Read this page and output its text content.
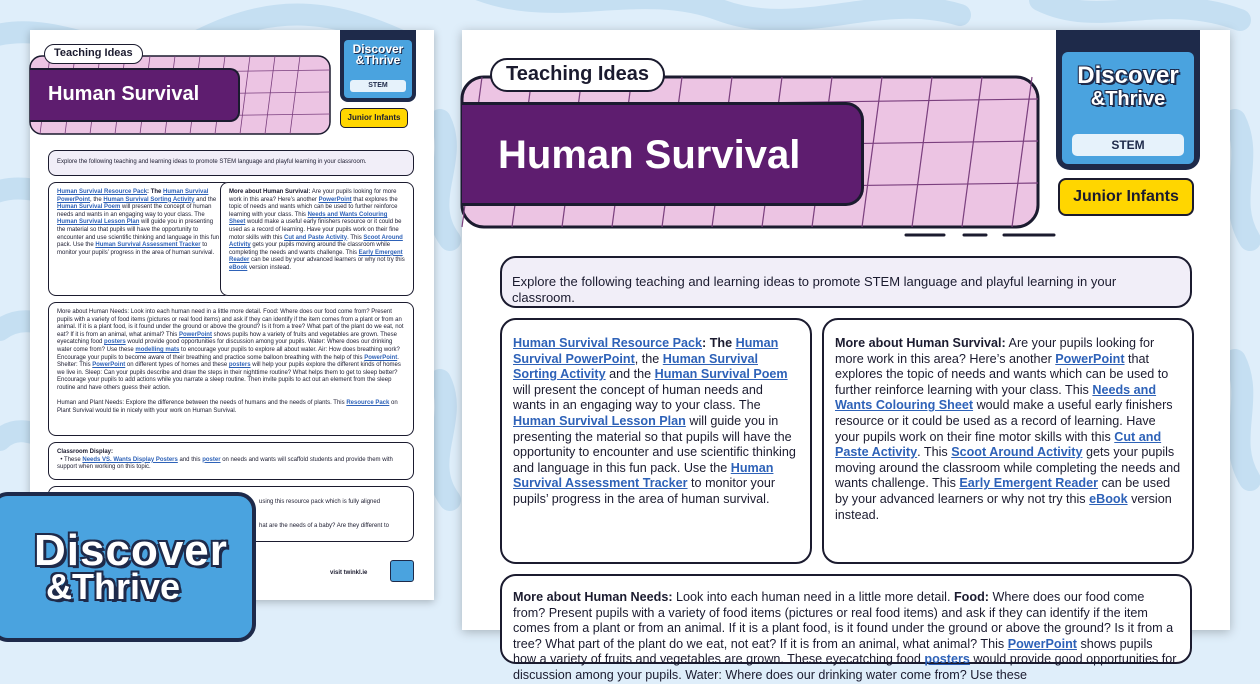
Teaching Ideas
Human Survival
Discover
&Thrive
STEM
Junior Infants
Explore the following teaching and learning ideas to promote STEM language and playful learning in your classroom.
Human Survival Resource Pack: The Human Survival PowerPoint, the Human Survival Sorting Activity and the Human Survival Poem will present the concept of human needs and wants in an engaging way to your class. The Human Survival Lesson Plan will guide you in presenting the material so that pupils will have the opportunity to encounter and use scientific thinking and language in this fun pack. Use the Human Survival Assessment Tracker to monitor your pupils’ progress in the area of human survival.
More about Human Survival: Are your pupils looking for more work in this area? Here’s another PowerPoint that explores the topic of needs and wants which can be used to further reinforce learning with your class. This Needs and Wants Colouring Sheet would make a useful early finishers resource or it could be used as a record of learning. Have your pupils work on their fine motor skills with this Cut and Paste Activity. This Scoot Around Activity gets your pupils moving around the classroom while completing the needs and wants challenge. This Early Emergent Reader can be used by your advanced learners or why not try this eBook version instead.
More about Human Needs: Look into each human need in a little more detail. Food: Where does our food come from? Present pupils with a variety of food items (pictures or real food items) and ask if they can identify if the item comes from a plant or from an animal. If it is a plant food, is it found under the ground or above the ground? Is it from a tree? What part of the plant do we eat, not eat? If it is from an animal, what animal? This PowerPoint shows pupils how a variety of fruits and vegetables are grown. These eyecatching food posters would provide good opportunities for discussion among your pupils. Water: Where does our drinking water come from? Use these modelling mats to encourage your pupils to explore all about water. Air: How does breathing work? Encourage your pupils to become aware of their breathing and practice some balloon breathing with the help of this PowerPoint. Shelter: This PowerPoint on different types of homes and these posters will help your pupils explore the different kinds of homes we live in. Sleep: Can your pupils describe and draw the steps in their nighttime routine? What helps them to get to sleep better? Encourage your pupils to add actions while you narrate a sleep routine. Then invite pupils to act out an element from the sleep routine and have others guess their action.

Human and Plant Needs: Explore the difference between the needs of humans and the needs of plants. This Resource Pack on Plant Survival would tie in nicely with your work on Human Survival.
Classroom Display:
• These Needs VS. Wants Display Posters and this poster on needs and wants will scaffold students and provide them with support when working on this topic.
using this resource pack which is fully aligned
hat are the needs of a baby? Are they different to
visit twinkl.ie
Discover
&Thrive
Teaching Ideas
Human Survival
Discover
&Thrive
STEM
Junior Infants
Explore the following teaching and learning ideas to promote STEM language and playful learning in your classroom.
Human Survival Resource Pack: The Human Survival PowerPoint, the Human Survival Sorting Activity and the Human Survival Poem will present the concept of human needs and wants in an engaging way to your class. The Human Survival Lesson Plan will guide you in presenting the material so that pupils will have the opportunity to encounter and use scientific thinking and language in this fun pack. Use the Human Survival Assessment Tracker to monitor your pupils’ progress in the area of human survival.
More about Human Survival: Are your pupils looking for more work in this area? Here’s another PowerPoint that explores the topic of needs and wants which can be used to further reinforce learning with your class. This Needs and Wants Colouring Sheet would make a useful early finishers resource or it could be used as a record of learning. Have your pupils work on their fine motor skills with this Cut and Paste Activity. This Scoot Around Activity gets your pupils moving around the classroom while completing the needs and wants challenge. This Early Emergent Reader can be used by your advanced learners or why not try this eBook version instead.
More about Human Needs: Look into each human need in a little more detail. Food: Where does our food come from? Present pupils with a variety of food items (pictures or real food items) and ask if they can identify if the item comes from a plant or from an animal. If it is a plant food, is it found under the ground or above the ground? Is it from a tree? What part of the plant do we eat, not eat? If it is from an animal, what animal? This PowerPoint shows pupils how a variety of fruits and vegetables are grown. These eyecatching food posters would provide good opportunities for discussion among your pupils. Water: Where does our drinking water come from? Use these
